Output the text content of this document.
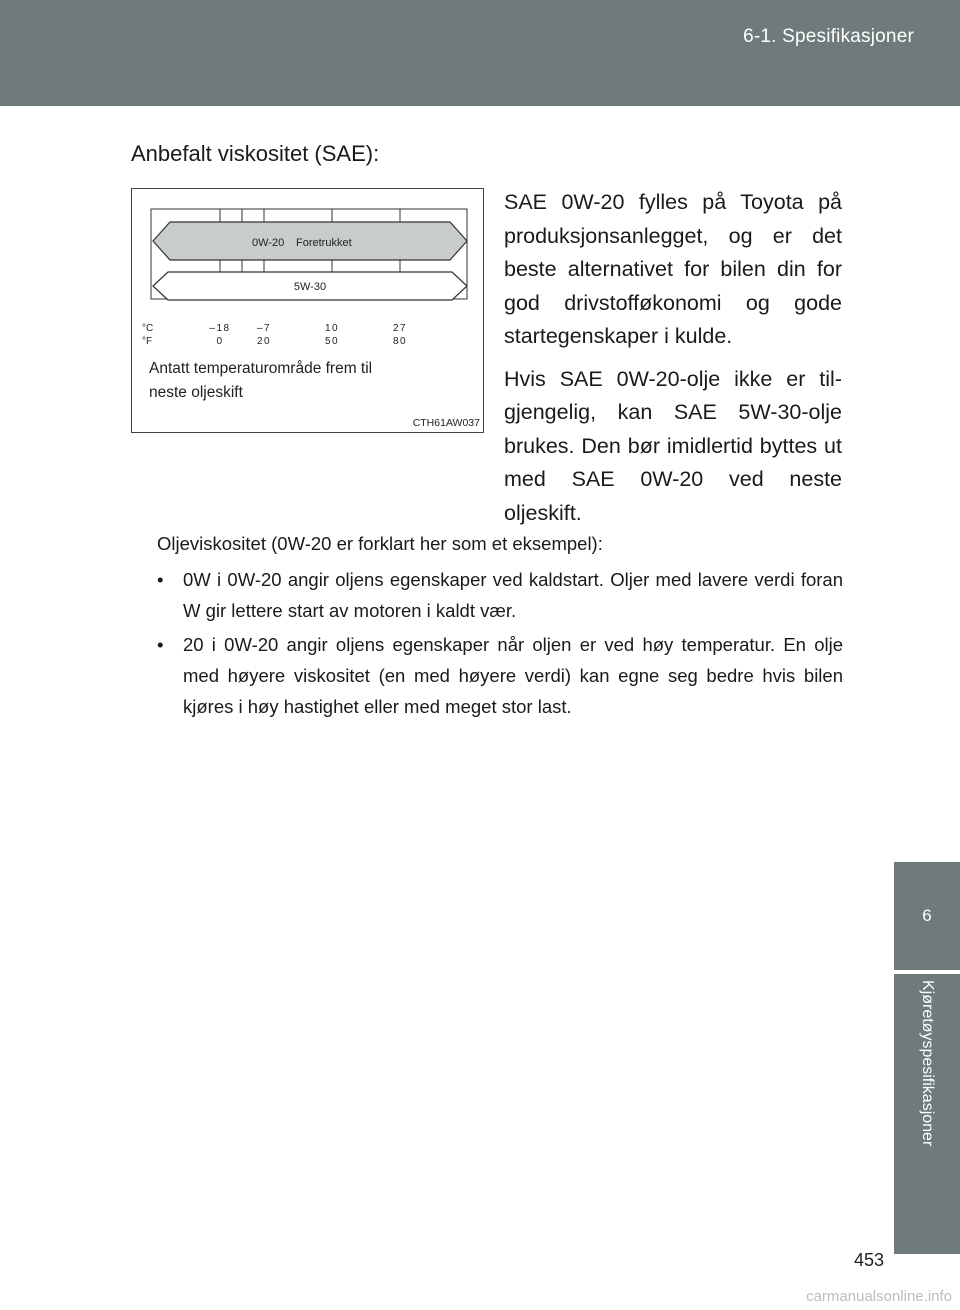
6-1. Spesifikasjoner
6
Kjøretøyspesifikasjoner
Anbefalt viskositet (SAE):
0W-20 Foretrukket
5W-30
°C
°F
–18	–7	10	27
0	20	50	80
Antatt temperaturområde frem til
neste oljeskift
CTH61AW037

SAE 0W-20 fylles på Toyota på produksjonsanlegget, og er det beste alternativet for bilen din for god drivstofføkonomi og gode startegenskaper i kulde.

Hvis SAE 0W-20-olje ikke er til- gjengelig, kan SAE 5W-30-olje brukes. Den bør imidlertid byttes ut med SAE 0W-20 ved neste oljeskift.

Oljeviskositet (0W-20 er forklart her som et eksempel):

• 0W i 0W-20 angir oljens egenskaper ved kaldstart. Oljer med lavere verdi foran W gir lettere start av motoren i kaldt vær.
• 20 i 0W-20 angir oljens egenskaper når oljen er ved høy temperatur. En olje med høyere viskositet (en med høyere verdi) kan egne seg bedre hvis bilen kjøres i høy hastighet eller med meget stor last.
453
carmanualsonline.info
